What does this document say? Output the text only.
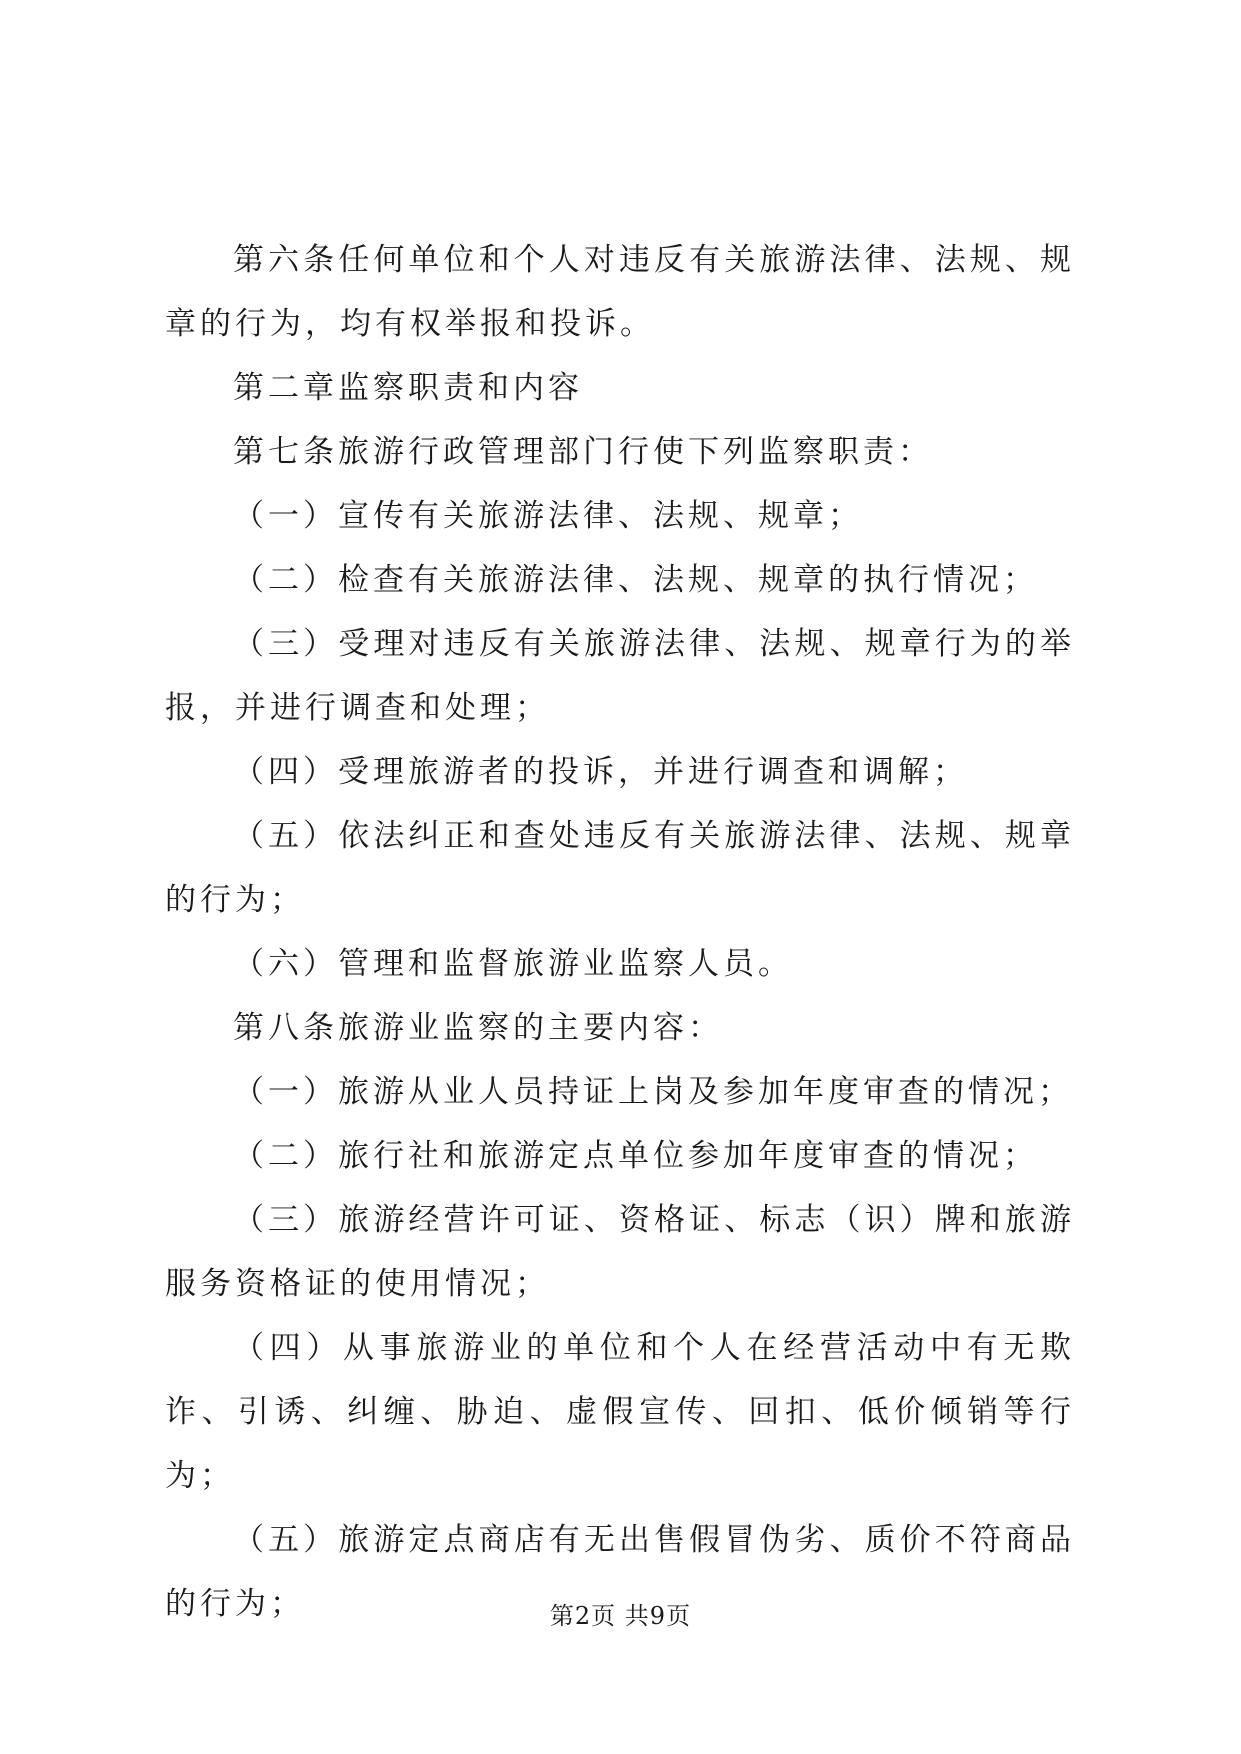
第六条任何单位和个人对违反有关旅游法律、法规、规章的行为，均有权举报和投诉。

第二章监察职责和内容

第七条旅游行政管理部门行使下列监察职责：

（一）宣传有关旅游法律、法规、规章；

（二）检查有关旅游法律、法规、规章的执行情况；

（三）受理对违反有关旅游法律、法规、规章行为的举报，并进行调查和处理；

（四）受理旅游者的投诉，并进行调查和调解；

（五）依法纠正和查处违反有关旅游法律、法规、规章的行为；

（六）管理和监督旅游业监察人员。

第八条旅游业监察的主要内容：

（一）旅游从业人员持证上岗及参加年度审查的情况；

（二）旅行社和旅游定点单位参加年度审查的情况；

（三）旅游经营许可证、资格证、标志（识）牌和旅游服务资格证的使用情况；

（四）从事旅游业的单位和个人在经营活动中有无欺诈、引诱、纠缠、胁迫、虚假宣传、回扣、低价倾销等行为；

（五）旅游定点商店有无出售假冒伪劣、质价不符商品的行为；	第2页 共9页
